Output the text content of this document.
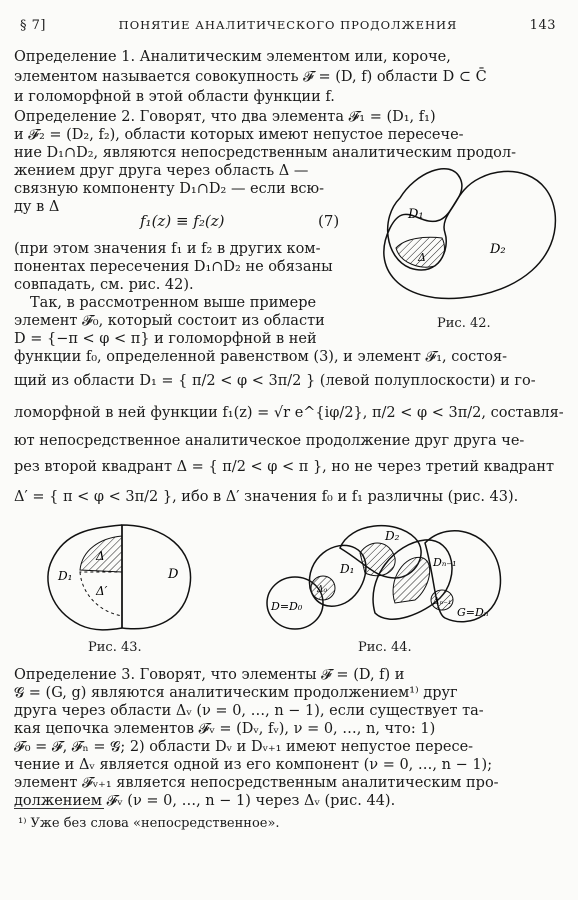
§ 7]	ПОНЯТИЕ АНАЛИТИЧЕСКОГО ПРОДОЛЖЕНИЯ	143
Определение 1. Аналитическим элементом или, короче,
элементом называется совокупность 𝓕 = (D, f) области D ⊂ C̄
и голоморфной в этой области функции f.
Определение 2. Говорят, что два элемента 𝓕₁ = (D₁, f₁)
и 𝓕₂ = (D₂, f₂), области которых имеют непустое пересече-
ние D₁∩D₂, являются непосредственным аналитическим продол-
жением друг друга через область Δ —
связную компоненту D₁∩D₂ — если всю-
ду в Δ
f₁(z) ≡ f₂(z)	(7)
(при этом значения f₁ и f₂ в других ком-
понентах пересечения D₁∩D₂ не обязаны
совпадать, см. рис. 42).
Так, в рассмотренном выше примере
элемент 𝓕₀, который состоит из области
D = {−π < φ < π} и голоморфной в ней
функции f₀, определенной равенством (3), и элемент 𝓕₁, состоя-
щий из области D₁ = { π/2 < φ < 3π/2 } (левой полуплоскости) и го-
ломорфной в ней функции f₁(z) = √r e^{iφ/2}, π/2 < φ < 3π/2, составля-
ют непосредственное аналитическое продолжение друг друга че-
рез второй квадрант Δ = { π/2 < φ < π }, но не через третий квадрант
Δ′ = { π < φ < 3π/2 }, ибо в Δ′ значения f₀ и f₁ различны (рис. 43).
D₁
D₂
Δ
Рис. 42.
Δ
D₁
Δ′
D
Рис. 43.
D=D₀
Δ₀
D₁
D₂
Dₙ₋₁
Δₙ₋₁
G=Dₙ
Рис. 44.
Определение 3. Говорят, что элементы 𝓕 = (D, f) и
𝓖 = (G, g) являются аналитическим продолжением¹⁾ друг
друга через области Δᵥ (ν = 0, …, n − 1), если существует та-
кая цепочка элементов 𝓕ᵥ = (Dᵥ, fᵥ), ν = 0, …, n, что: 1)
𝓕₀ = 𝓕, 𝓕ₙ = 𝓖; 2) области Dᵥ и Dᵥ₊₁ имеют непустое пересе-
чение и Δᵥ является одной из его компонент (ν = 0, …, n − 1);
элемент 𝓕ᵥ₊₁ является непосредственным аналитическим про-
должением 𝓕ᵥ (ν = 0, …, n − 1) через Δᵥ (рис. 44).
¹⁾ Уже без слова «непосредственное».
